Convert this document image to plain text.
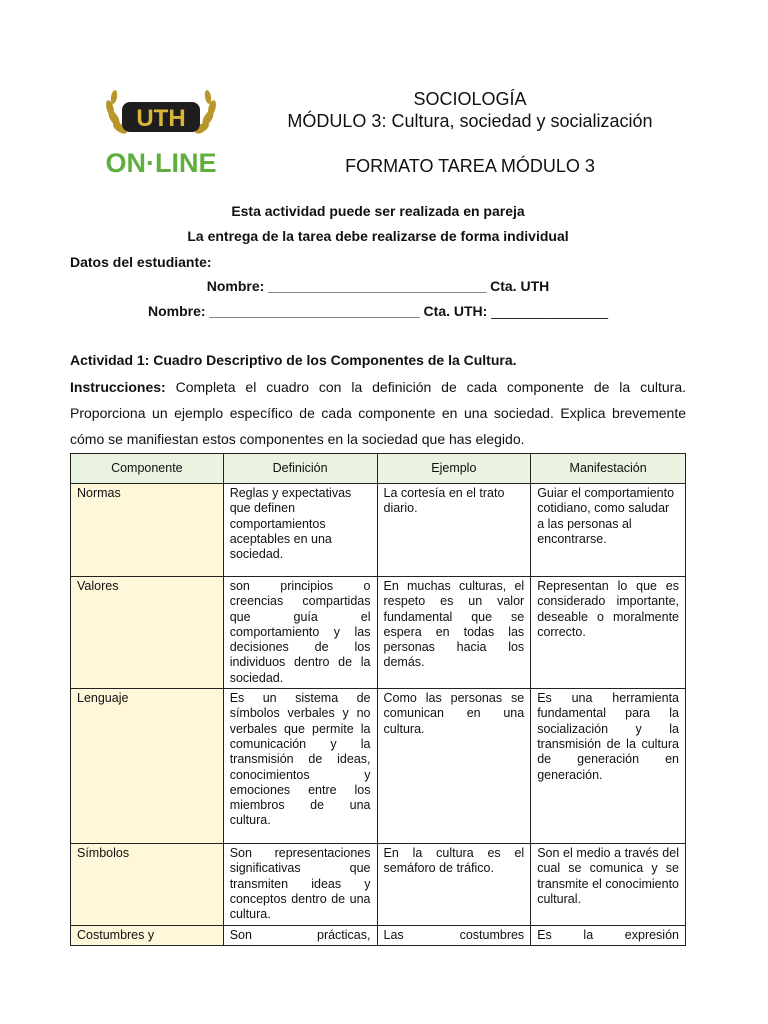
UTH
ON·LINE
SOCIOLOGÍA
MÓDULO 3: Cultura, sociedad y socialización
FORMATO TAREA MÓDULO 3
Esta actividad puede ser realizada en pareja
La entrega de la tarea debe realizarse de forma individual
Datos del estudiante:
Nombre: ____________________________ Cta. UTH
Nombre: ___________________________ Cta. UTH: _______________
Actividad 1: Cuadro Descriptivo de los Componentes de la Cultura.
Instrucciones: Completa el cuadro con la definición de cada componente de la cultura. Proporciona un ejemplo específico de cada componente en una sociedad. Explica brevemente cómo se manifiestan estos componentes en la sociedad que has elegido.
Componente	Definición	Ejemplo	Manifestación
Normas	Reglas y expectativas que definen comportamientos aceptables en una sociedad.	La cortesía en el trato diario.	Guiar el comportamiento cotidiano, como saludar a las personas al encontrarse.
Valores	son principios o creencias compartidas que guía el comportamiento y las decisiones de los individuos dentro de la sociedad.	En muchas culturas, el respeto es un valor fundamental que se espera en todas las personas hacia los demás.	Representan lo que es considerado importante, deseable o moralmente correcto.
Lenguaje	Es un sistema de símbolos verbales y no verbales que permite la comunicación y la transmisión de ideas, conocimientos y emociones entre los miembros de una cultura.	Como las personas se comunican en una cultura.	Es una herramienta fundamental para la socialización y la transmisión de la cultura de generación en generación.
Símbolos	Son representaciones significativas que transmiten ideas y conceptos dentro de una cultura.	En la cultura es el semáforo de tráfico.	Son el medio a través del cual se comunica y se transmite el conocimiento cultural.
Costumbres y	Son prácticas,	Las costumbres	Es la expresión
